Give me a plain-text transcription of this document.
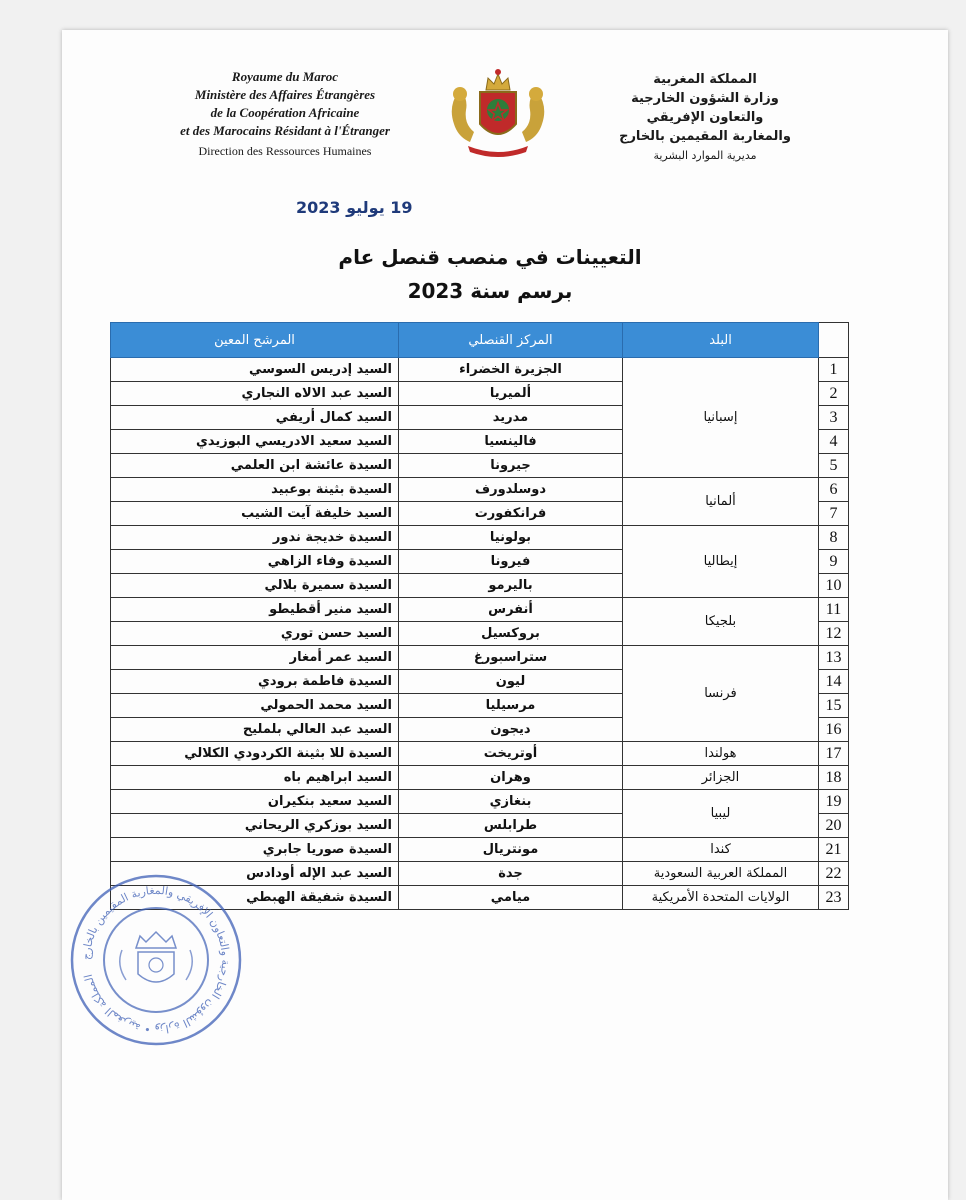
Royaume du Maroc
Ministère des Affaires Étrangères
de la Coopération Africaine
et des Marocains Résidant à l'Étranger
Direction des Ressources Humaines
المملكة المغربية
وزارة الشؤون الخارجية
والتعاون الإفريقي
والمغاربة المقيمين بالخارج
مديرية الموارد البشرية
19 يوليو 2023
التعيينات في منصب قنصل عام
برسم سنة 2023
المرشح المعين	المركز القنصلي	البلد	
السيد إدريس السوسي	الجزيرة الخضراء	إسبانيا	1
السيد عبد الالاه النجاري	ألميريا		2
السيد كمال أريفي	مدريد		3
السيد سعيد الادريسي البوزيدي	فالينسيا		4
السيدة عائشة ابن العلمي	جيرونا		5
السيدة بثينة بوعبيد	دوسلدورف	ألمانيا	6
السيد خليفة آيت الشيب	فرانكفورت		7
السيدة خديجة ندور	بولونيا	إيطاليا	8
السيدة وفاء الزاهي	فيرونا		9
السيدة سميرة بلالي	باليرمو		10
السيد منير أقطيطو	أنفرس	بلجيكا	11
السيد حسن توري	بروكسيل		12
السيد عمر أمغار	ستراسبورغ	فرنسا	13
السيدة فاطمة برودي	ليون		14
السيد محمد الحمولي	مرسيليا		15
السيد عبد العالي بلمليح	ديجون		16
السيدة للا بثينة الكردودي الكلالي	أوتريخت	هولندا	17
السيد ابراهيم باه	وهران	الجزائر	18
السيد سعيد بنكيران	بنغازي	ليبيا	19
السيد بوزكري الريحاني	طرابلس		20
السيدة صوريا جابري	مونتريال	كندا	21
السيد عبد الإله أودادس	جدة	المملكة العربية السعودية	22
السيدة شفيقة الهبطي	ميامي	الولايات المتحدة الأمريكية	23
المملكة المغربية • وزارة الشؤون الخارجية والتعاون الإفريقي والمغاربة المقيمين بالخارج
